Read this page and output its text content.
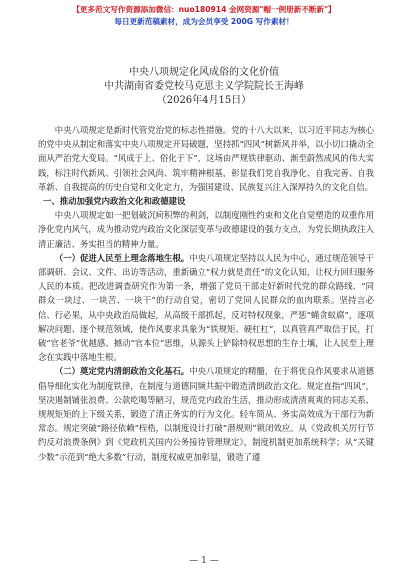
【更多范文写作资源添加微信：nuo180914 金网资源"帽一例册新不断新"】
每日更新范稿素材，成为会员享受 200G 写作素材！
中央八项规定化风成俗的文化价值
中共湖南省委党校马克思主义学院院长王海峰
（2026年4月15日）

中央八项规定是新时代管党治党的标志性措施。党的十八大以来，以习近平同志为核心的党中央从制定和落实中央八项规定开局破题，坚持抓“四风”树新风并举，以小切口撬动全面从严治党大变局。“风成于上、俗化于下”，这场由严规铁律驱动、渐至蔚然成风的伟大实践，标注时代新风、引领社会风尚、筑牢精神根基，彰显我们党自我净化、自我完善、自我革新、自我提高的历史自觉和文化定力，为强国建设、民族复兴注入深厚持久的文化自信。

一、推动加强党内政治文化和政德建设

中央八项规定如一把划破沉疴积弊的利剑，以制度刚性约束和文化自觉塑造的双重作用净化党内风气，成为推动党内政治文化深层变革与政德建设的强力支点，为党长期执政注入清正廉洁、务实担当的精神力量。

（一）促进人民至上理念落地生根。中央八项规定坚持以人民为中心，通过规范领导干部调研、会议、文件、出访等活动，重新确立“权力就是责任”的文化认知，让权力回归服务人民的本质。把改进调查研究作为第一条，增强了党员干部走好新时代党的群众路线、“同群众一块过、一块苦、一块干”的行动自觉，密切了党同人民群众的血肉联系。坚持言必信、行必果，从中央政治局做起，从高级干部抓起，反对特权现象，严惩“蝇贪蚁腐”，逐项解决问题、逐个规范领域，使作风要求具象为“铁规矩、硬杠杠”，以真管真严取信于民，打破“官老爷”优越感、撼动“官本位”思维，从源头上铲除特权思想的生存土壤，让人民至上理念在实践中落地生根。

（二）奠定党内清朗政治文化基石。中央八项规定的精髓，在于将优良作风要求从道德倡导细化实化为制度铁律，在制度与道德同频共振中锻造清朗政治文化。规定直指“四风”，坚决遏制铺张浪费、公款吃喝等陋习，规范党内政治生活，推动形成清清爽爽的同志关系、规规矩矩的上下级关系，锻造了清正务实的行为文化。轻车简从、务实高效成为干部行为新常态。规定突破“路径依赖”桎梏，以制度设计打破“潜规则”锁闭效应。从《党政机关厉行节约反对浪费条例》到《党政机关国内公务接待管理规定》，制度机制更加系统科学；从“关键少数”示范到“绝大多数”行动，制度权威更加彰显，锻造了遵

— 1 —
